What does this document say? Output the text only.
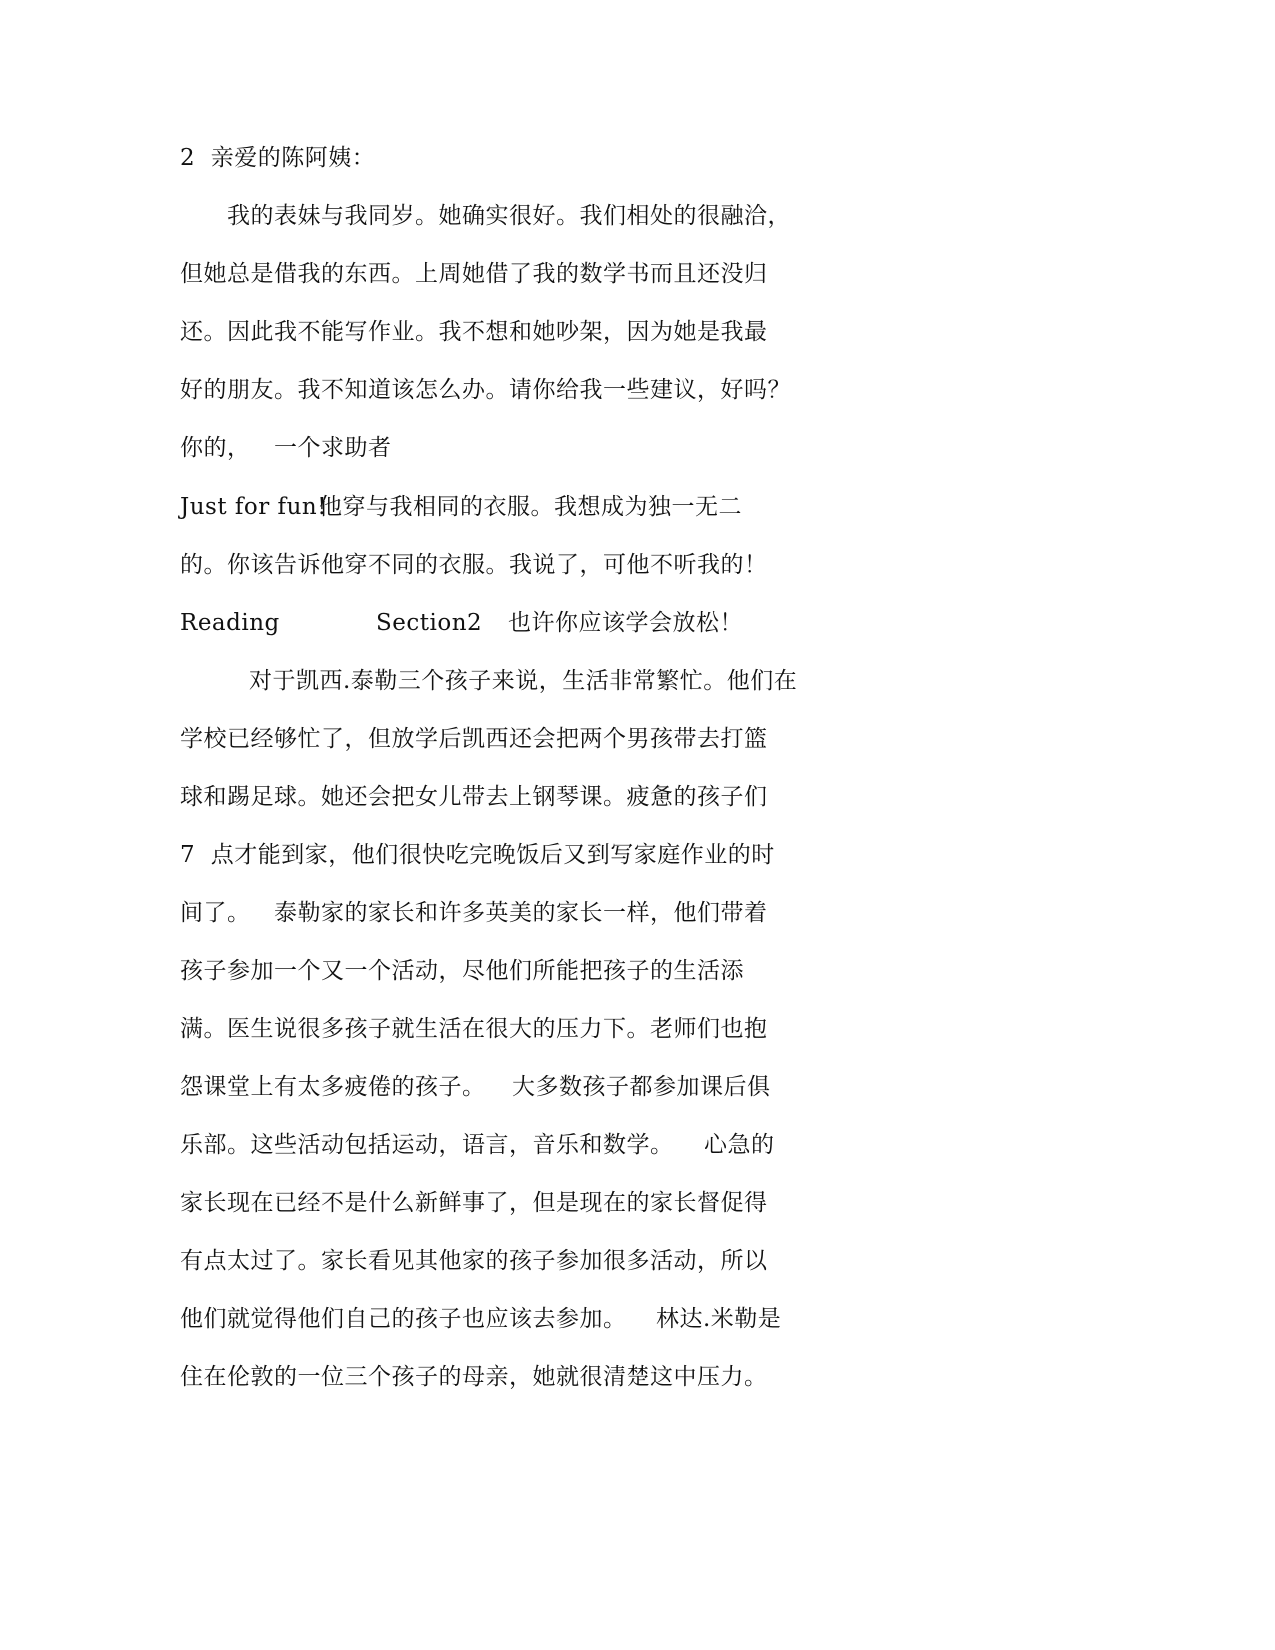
2  亲爱的陈阿姨：
我的表妹与我同岁。她确实很好。我们相处的很融洽，
但她总是借我的东西。上周她借了我的数学书而且还没归
还。因此我不能写作业。我不想和她吵架，因为她是我最
好的朋友。我不知道该怎么办。请你给我一些建议，好吗？

你的，

一个求助者

Just for fun!

他穿与我相同的衣服。我想成为独一无二

的。你该告诉他穿不同的衣服。我说了，可他不听我的！

Reading

	Section2

也许你应该学会放松！

对于凯西.泰勒三个孩子来说，生活非常繁忙。他们在
学校已经够忙了，但放学后凯西还会把两个男孩带去打篮
球和踢足球。她还会把女儿带去上钢琴课。疲惫的孩子们
7  点才能到家，他们很快吃完晚饭后又到写家庭作业的时

间了。

泰勒家的家长和许多英美的家长一样，他们带着

孩子参加一个又一个活动，尽他们所能把孩子的生活添
满。医生说很多孩子就生活在很大的压力下。老师们也抱

怨课堂上有太多疲倦的孩子。

大多数孩子都参加课后俱

乐部。这些活动包括运动，语言，音乐和数学。

心急的

家长现在已经不是什么新鲜事了，但是现在的家长督促得
有点太过了。家长看见其他家的孩子参加很多活动，所以

他们就觉得他们自己的孩子也应该去参加。

林达.米勒是

住在伦敦的一位三个孩子的母亲，她就很清楚这中压力。
